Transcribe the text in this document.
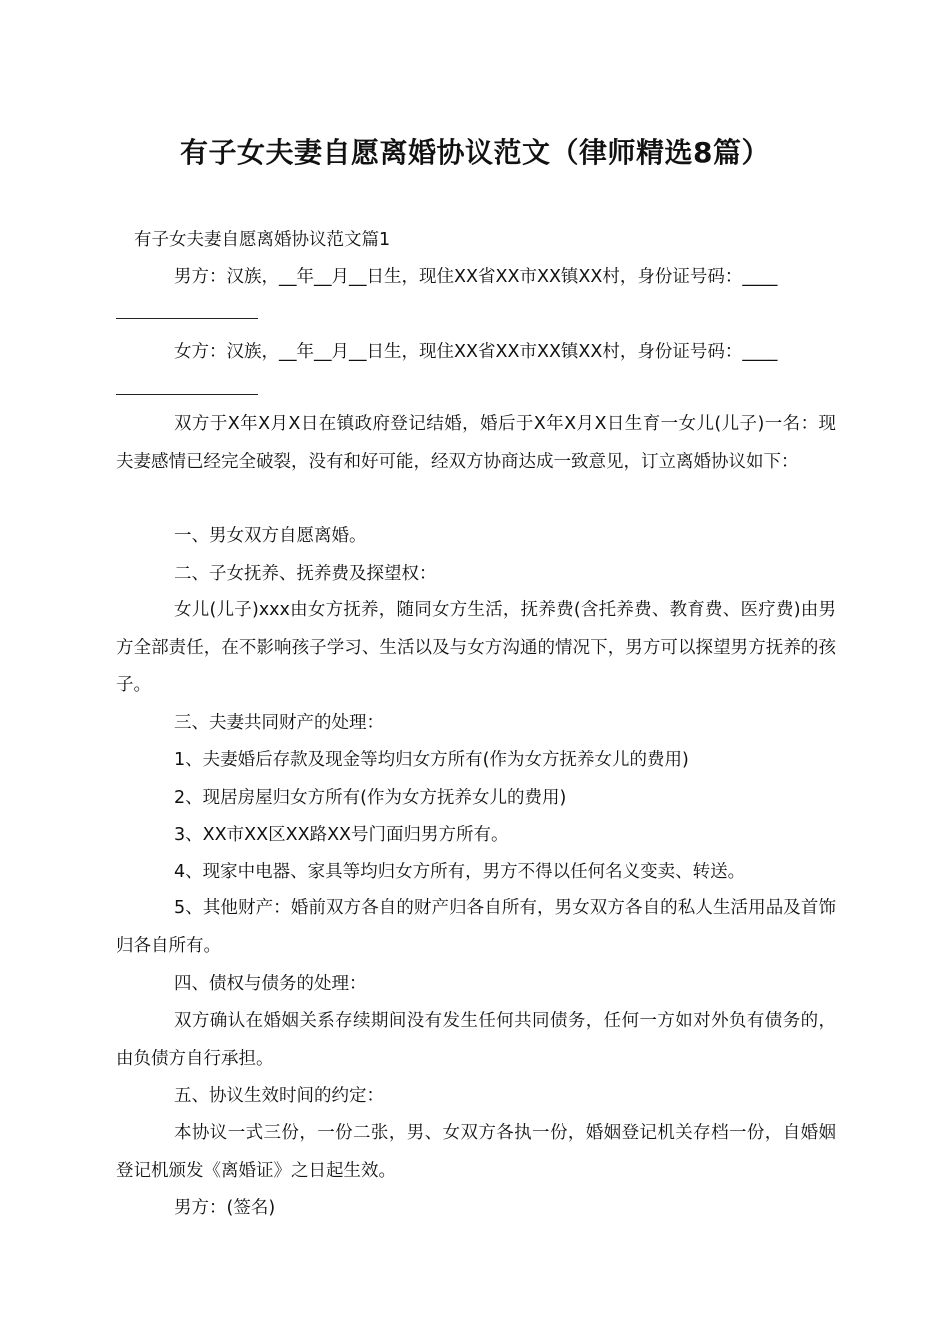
有子女夫妻自愿离婚协议范文（律师精选8篇）
有子女夫妻自愿离婚协议范文篇1
男方：汉族，__年__月__日生，现住XX省XX市XX镇XX村，身份证号码：____
女方：汉族，__年__月__日生，现住XX省XX市XX镇XX村，身份证号码：____

双方于X年X月X日在镇政府登记结婚，婚后于X年X月X日生育一女儿(儿子)一名：现夫妻感情已经完全破裂，没有和好可能，经双方协商达成一致意见，订立离婚协议如下：

一、男女双方自愿离婚。
二、子女抚养、抚养费及探望权：

女儿(儿子)xxx由女方抚养，随同女方生活，抚养费(含托养费、教育费、医疗费)由男方全部责任，在不影响孩子学习、生活以及与女方沟通的情况下，男方可以探望男方抚养的孩子。

三、夫妻共同财产的处理：
1、夫妻婚后存款及现金等均归女方所有(作为女方抚养女儿的费用)
2、现居房屋归女方所有(作为女方抚养女儿的费用)
3、XX市XX区XX路XX号门面归男方所有。
4、现家中电器、家具等均归女方所有，男方不得以任何名义变卖、转送。

5、其他财产：婚前双方各自的财产归各自所有，男女双方各自的私人生活用品及首饰归各自所有。

四、债权与债务的处理：

双方确认在婚姻关系存续期间没有发生任何共同债务，任何一方如对外负有债务的，由负债方自行承担。

五、协议生效时间的约定：

本协议一式三份，一份二张，男、女双方各执一份，婚姻登记机关存档一份，自婚姻登记机颁发《离婚证》之日起生效。

男方：(签名)
